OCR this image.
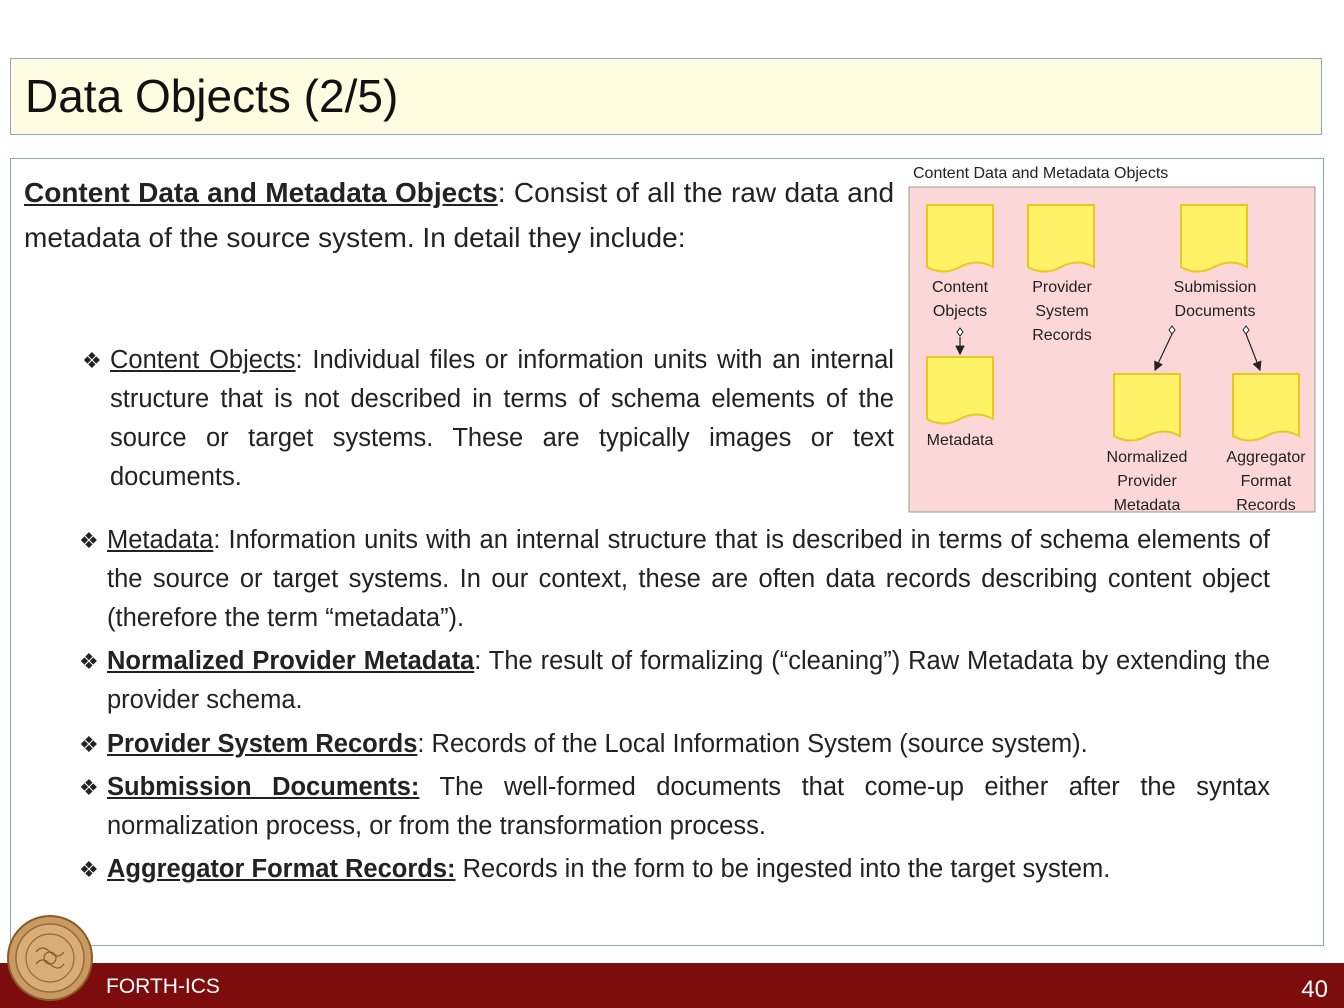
Data Objects (2/5)
Content Data and Metadata Objects: Consist of all the raw data and metadata of the source system. In detail they include:
❖ Content Objects: Individual files or information units with an internal structure that is not described in terms of schema elements of the source or target systems. These are typically images or text documents.
❖ Metadata: Information units with an internal structure that is described in terms of schema elements of the source or target systems. In our context, these are often data records describing content object (therefore the term “metadata”).
❖ Normalized Provider Metadata: The result of formalizing (“cleaning”) Raw Metadata by extending the provider schema.
❖ Provider System Records: Records of the Local Information System (source system).
❖ Submission Documents: The well-formed documents that come-up either after the syntax normalization process, or from the transformation process.
❖ Aggregator Format Records: Records in the form to be ingested into the target system.
Content Data and Metadata Objects
Content
Objects
Provider
System
Records
Submission
Documents
Metadata
Normalized
Provider
Metadata
Aggregator
Format
Records
FORTH-ICS	40
